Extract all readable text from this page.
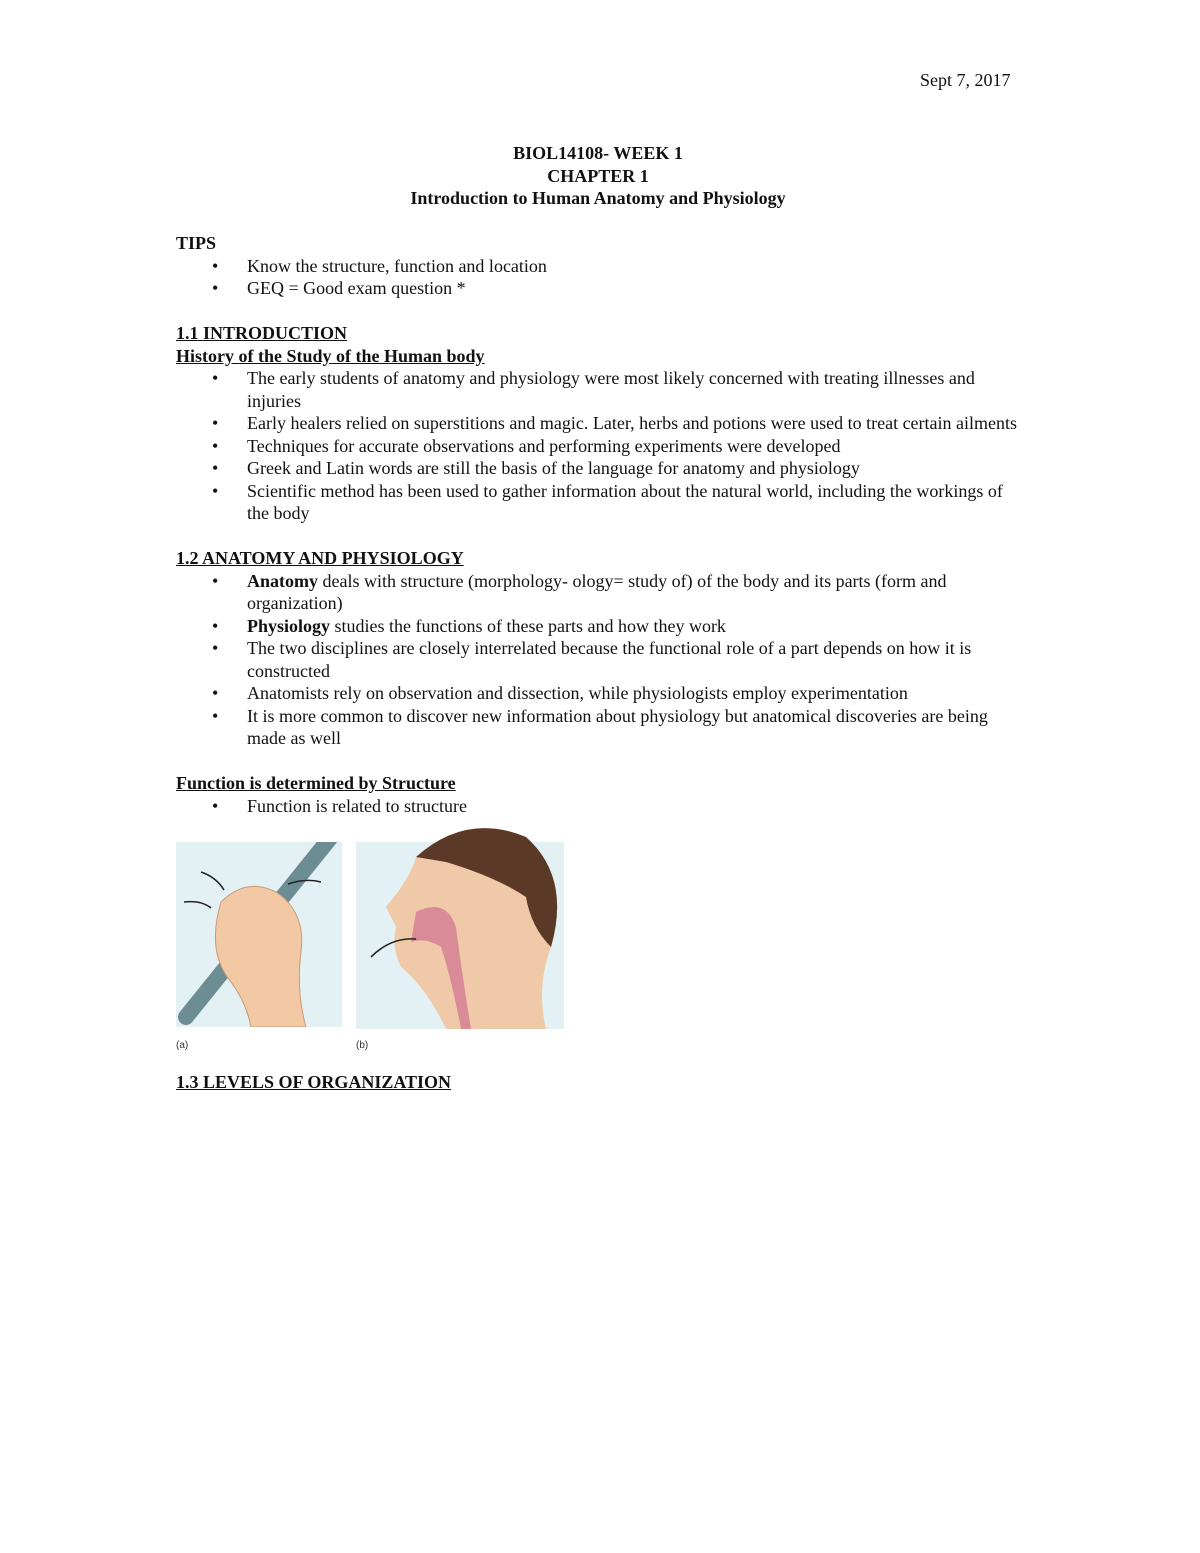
Sept 7, 2017
BIOL14108- WEEK 1
CHAPTER 1
Introduction to Human Anatomy and Physiology
TIPS
• Know the structure, function and location
• GEQ = Good exam question *
1.1 INTRODUCTION
History of the Study of the Human body
• The early students of anatomy and physiology were most likely concerned with treating illnesses and injuries
• Early healers relied on superstitions and magic. Later, herbs and potions were used to treat certain ailments
• Techniques for accurate observations and performing experiments were developed
• Greek and Latin words are still the basis of the language for anatomy and physiology
• Scientific method has been used to gather information about the natural world, including the workings of the body
1.2 ANATOMY AND PHYSIOLOGY
• Anatomy deals with structure (morphology- ology= study of) of the body and its parts (form and organization)
• Physiology studies the functions of these parts and how they work
• The two disciplines are closely interrelated because the functional role of a part depends on how it is constructed
• Anatomists rely on observation and dissection, while physiologists employ experimentation
• It is more common to discover new information about physiology but anatomical discoveries are being made as well
Function is determined by Structure
• Function is related to structure
(a)	(b)
1.3 LEVELS OF ORGANIZATION
